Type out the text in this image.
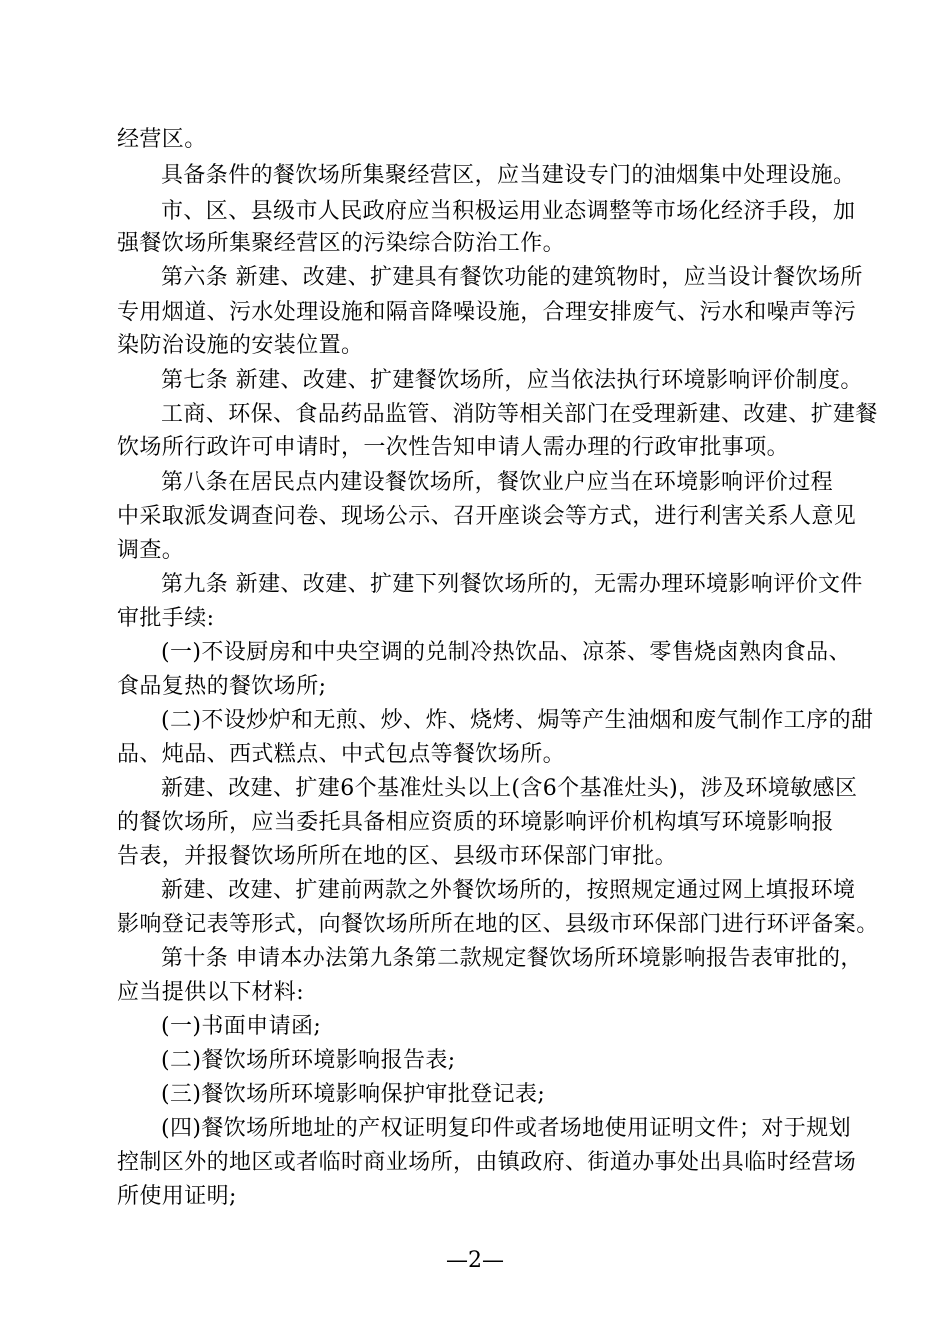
经营区。
具备条件的餐饮场所集聚经营区，应当建设专门的油烟集中处理设施。
市、区、县级市人民政府应当积极运用业态调整等市场化经济手段，加
强餐饮场所集聚经营区的污染综合防治工作。
第六条 新建、改建、扩建具有餐饮功能的建筑物时，应当设计餐饮场所
专用烟道、污水处理设施和隔音降噪设施，合理安排废气、污水和噪声等污
染防治设施的安装位置。
第七条 新建、改建、扩建餐饮场所，应当依法执行环境影响评价制度。
工商、环保、食品药品监管、消防等相关部门在受理新建、改建、扩建餐
饮场所行政许可申请时，一次性告知申请人需办理的行政审批事项。
第八条在居民点内建设餐饮场所，餐饮业户应当在环境影响评价过程
中采取派发调查问卷、现场公示、召开座谈会等方式，进行利害关系人意见
调查。
第九条 新建、改建、扩建下列餐饮场所的，无需办理环境影响评价文件
审批手续:
(一)不设厨房和中央空调的兑制冷热饮品、凉茶、零售烧卤熟肉食品、
食品复热的餐饮场所;
(二)不设炒炉和无煎、炒、炸、烧烤、焗等产生油烟和废气制作工序的甜
品、炖品、西式糕点、中式包点等餐饮场所。
新建、改建、扩建6个基准灶头以上(含6个基准灶头)，涉及环境敏感区
的餐饮场所，应当委托具备相应资质的环境影响评价机构填写环境影响报
告表，并报餐饮场所所在地的区、县级市环保部门审批。
新建、改建、扩建前两款之外餐饮场所的，按照规定通过网上填报环境
影响登记表等形式，向餐饮场所所在地的区、县级市环保部门进行环评备案。
第十条 申请本办法第九条第二款规定餐饮场所环境影响报告表审批的，
应当提供以下材料:
(一)书面申请函;
(二)餐饮场所环境影响报告表;
(三)餐饮场所环境影响保护审批登记表;
(四)餐饮场所地址的产权证明复印件或者场地使用证明文件；对于规划
控制区外的地区或者临时商业场所，由镇政府、街道办事处出具临时经营场
所使用证明;
—2—
